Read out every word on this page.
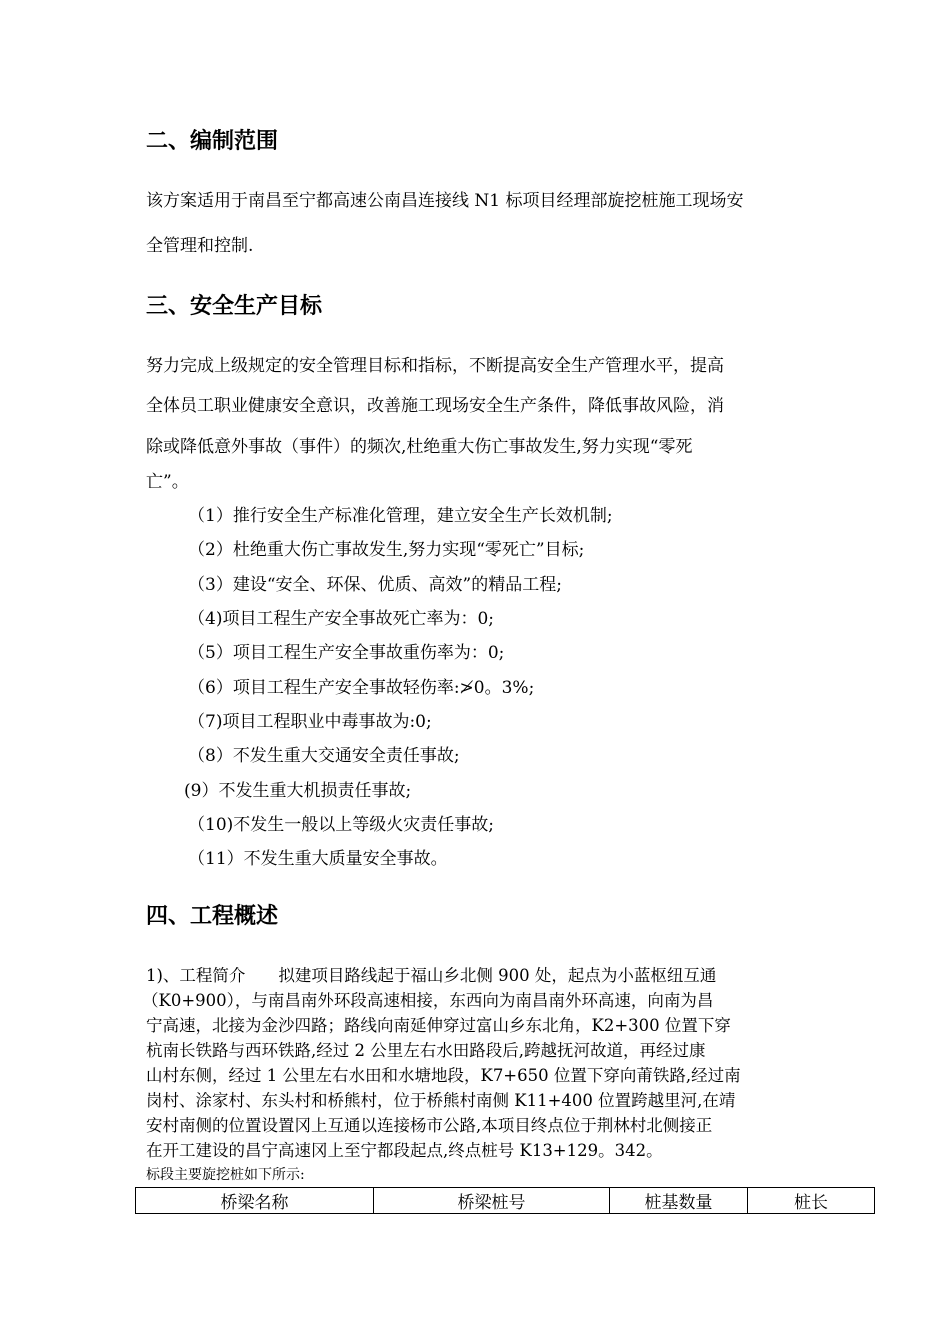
二、编制范围
该方案适用于南昌至宁都高速公南昌连接线 N1 标项目经理部旋挖桩施工现场安
全管理和控制.
三、安全生产目标
努力完成上级规定的安全管理目标和指标，不断提高安全生产管理水平，提高
全体员工职业健康安全意识，改善施工现场安全生产条件，降低事故风险，消
除或降低意外事故（事件）的频次,杜绝重大伤亡事故发生,努力实现“零死
亡”。
（1）推行安全生产标准化管理，建立安全生产长效机制;
（2）杜绝重大伤亡事故发生,努力实现“零死亡”目标;
（3）建设“安全、环保、优质、高效”的精品工程;
（4)项目工程生产安全事故死亡率为：0;
（5）项目工程生产安全事故重伤率为：0;
（6）项目工程生产安全事故轻伤率:≯0。3%;
（7)项目工程职业中毒事故为:0;
（8）不发生重大交通安全责任事故;
(9）不发生重大机损责任事故;
（10)不发生一般以上等级火灾责任事故;
（11）不发生重大质量安全事故。
四、工程概述
1)、工程简介　　拟建项目路线起于福山乡北侧 900 处，起点为小蓝枢纽互通
（K0+900），与南昌南外环段高速相接，东西向为南昌南外环高速，向南为昌
宁高速，北接为金沙四路；路线向南延伸穿过富山乡东北角，K2+300 位置下穿
杭南长铁路与西环铁路,经过 2 公里左右水田路段后,跨越抚河故道，再经过康
山村东侧，经过 1 公里左右水田和水塘地段，K7+650 位置下穿向莆铁路,经过南
岗村、涂家村、东头村和桥熊村，位于桥熊村南侧 K11+400 位置跨越里河,在靖
安村南侧的位置设置冈上互通以连接杨市公路,本项目终点位于荆林村北侧接正
在开工建设的昌宁高速冈上至宁都段起点,终点桩号 K13+129。342。
标段主要旋挖桩如下所示:
桥梁名称	桥梁桩号	桩基数量	桩长
